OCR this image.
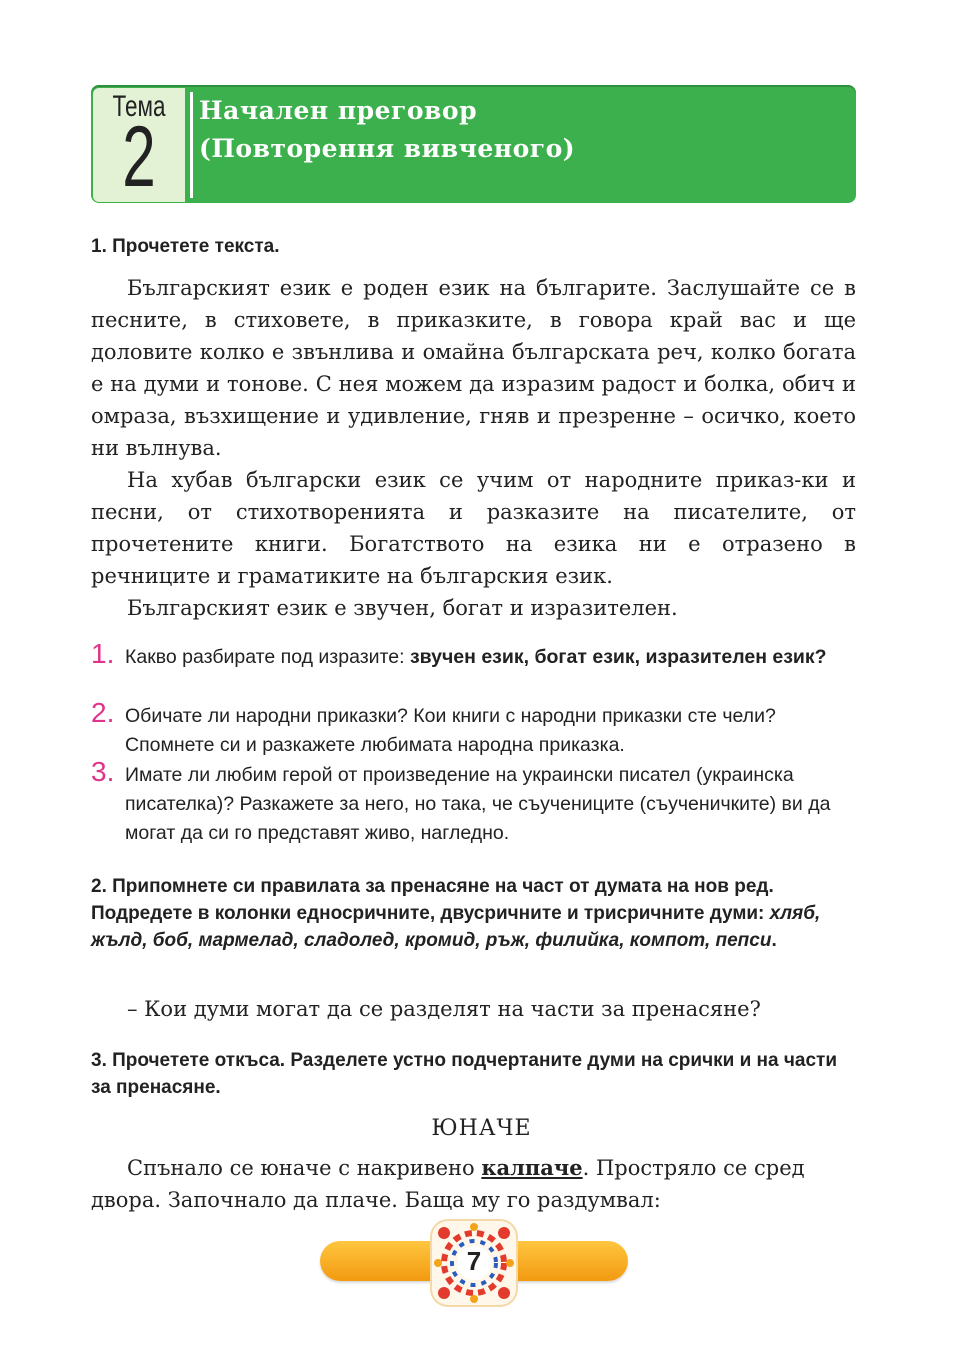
Тема
2	Начален преговор
(Повторення вивченого)
1. Прочетете текста.

Българският език е роден език на българите. Заслушайте се в песните, в стиховете, в приказките, в говора край вас и ще доловите колко е звънлива и омайна българската реч, колко богата е на думи и тонове. С нея можем да изразим радост и болка, обич и омраза, възхищение и удивление, гняв и презренне – осичко, което ни вълнува.

На хубав български език се учим от народните приказ-ки и песни, от стихотворенията и разказите на писателите, от прочетените книги. Богатството на езика ни е отразено в речниците и граматиките на българския език.

Българският език е звучен, богат и изразителен.

1. Какво разбирате под изразите: звучен език, богат език, изразителен език?
2. Обичате ли народни приказки? Кои книги с народни приказки сте чели? Спомнете си и разкажете любимата народна приказка.
3. Имате ли любим герой от произведение на украински писател (украинска писателка)? Разкажете за него, но така, че съучениците (съученичките) ви да могат да си го представят живо, нагледно.
2. Припомнете си правилата за пренасяне на част от думата на нов ред. Подредете в колонки едносричните, двусричните и трисричните думи: хляб, жълд, боб, мармелад, сладолед, кромид, ръж, филийка, компот, пепси.
– Кои думи могат да се разделят на части за пренасяне?
3. Прочетете откъса. Разделете устно подчертаните думи на срички и на части за пренасяне.
ЮНАЧЕ
Спънало се юначе с накривено калпаче. Простряло се сред
двора. Започнало да плаче. Баща му го раздумвал:
7
